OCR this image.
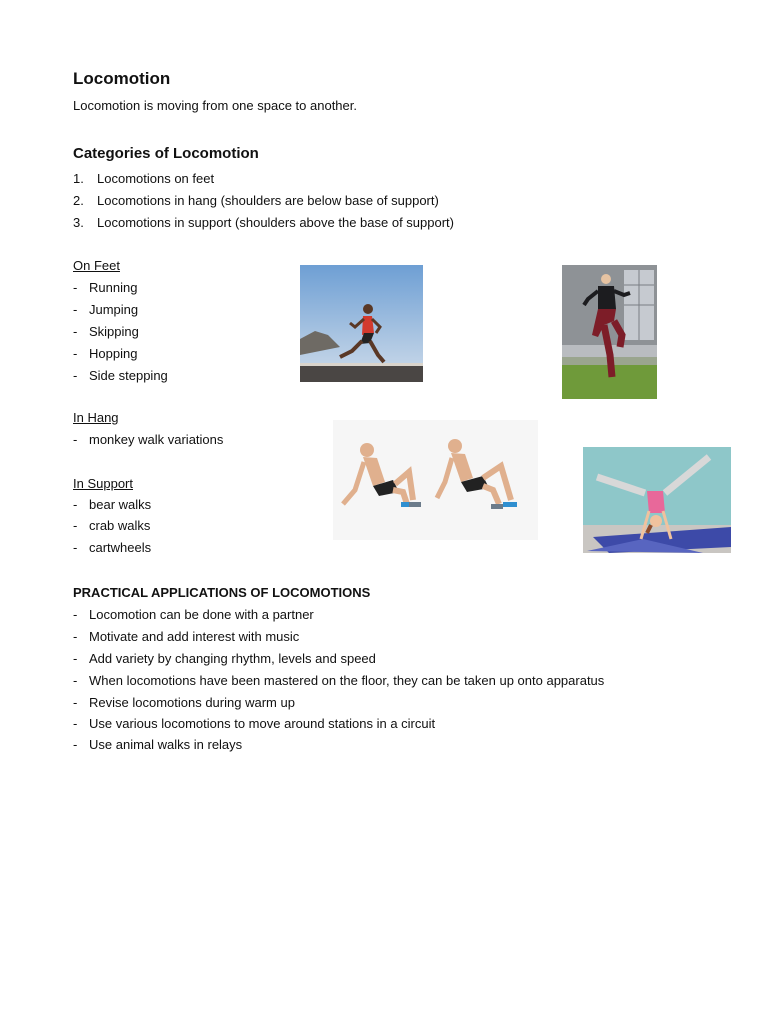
Locomotion
Locomotion is moving from one space to another.
Categories of Locomotion
1. Locomotions on feet
2. Locomotions in hang (shoulders are below base of support)
3. Locomotions in support (shoulders above the base of support)
On Feet
- Running
- Jumping
- Skipping
- Hopping
- Side stepping
In Hang
- monkey walk variations
In Support
- bear walks
- crab walks
- cartwheels
PRACTICAL APPLICATIONS OF LOCOMOTIONS
- Locomotion can be done with a partner
- Motivate and add interest with music
- Add variety by changing rhythm, levels and speed
- When locomotions have been mastered on the floor, they can be taken up onto apparatus
- Revise locomotions during warm up
- Use various locomotions to move around stations in a circuit
- Use animal walks in relays
